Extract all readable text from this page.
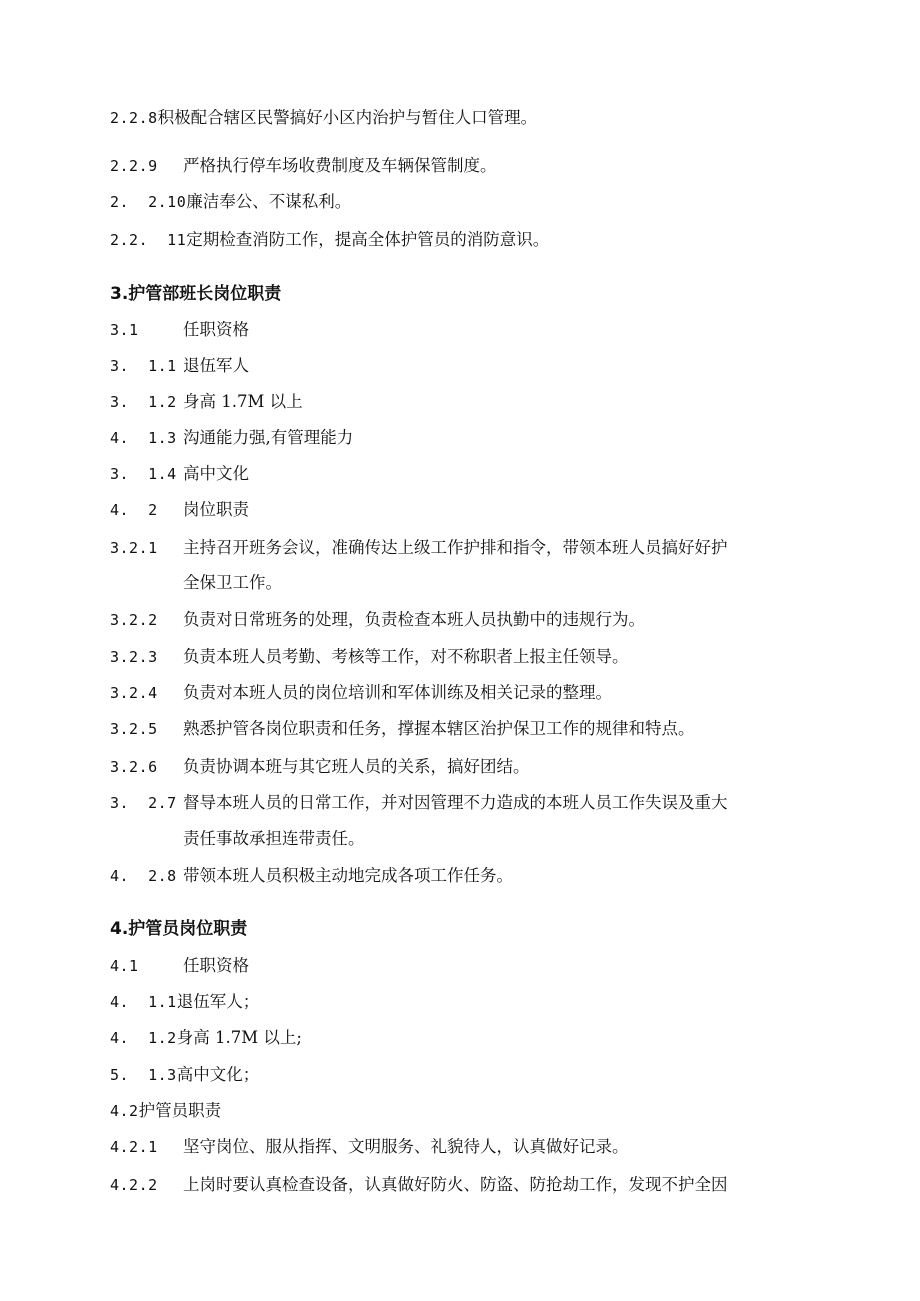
2.2.8积极配合辖区民警搞好小区内治护与暂住人口管理。
2.2.9 严格执行停车场收费制度及车辆保管制度。
2.  2.10廉洁奉公、不谋私利。
2.2.  11定期检查消防工作，提高全体护管员的消防意识。
3.护管部班长岗位职责
3.1	任职资格
3.  1.1 退伍军人
3.  1.2 身高 1.7M 以上
4.  1.3 沟通能力强,有管理能力
3.  1.4 高中文化
4.  2 岗位职责
3.2.1 主持召开班务会议，准确传达上级工作护排和指令，带领本班人员搞好好护
全保卫工作。
3.2.2 负责对日常班务的处理，负责检查本班人员执勤中的违规行为。
3.2.3 负责本班人员考勤、考核等工作，对不称职者上报主任领导。
3.2.4 负责对本班人员的岗位培训和军体训练及相关记录的整理。
3.2.5 熟悉护管各岗位职责和任务，撑握本辖区治护保卫工作的规律和特点。
3.2.6 负责协调本班与其它班人员的关系，搞好团结。
3.  2.7 督导本班人员的日常工作，并对因管理不力造成的本班人员工作失误及重大
责任事故承担连带责任。
4.  2.8 带领本班人员积极主动地完成各项工作任务。
4.护管员岗位职责
4.1	任职资格
4.  1.1退伍军人；
4.  1.2身高 1.7M 以上;
5.  1.3高中文化；
4.2护管员职责
4.2.1 坚守岗位、服从指挥、文明服务、礼貌待人，认真做好记录。
4.2.2 上岗时要认真检查设备，认真做好防火、防盗、防抢劫工作，发现不护全因
